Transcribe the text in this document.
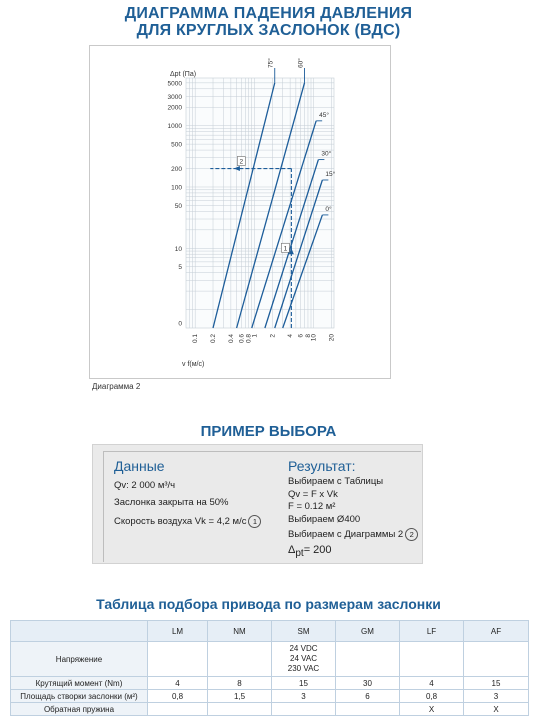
ДИАГРАММА ПАДЕНИЯ ДАВЛЕНИЯ
ДЛЯ КРУГЛЫХ ЗАСЛОНОК (ВДС)
5000
3000
2000
1000
500
200
100
50
10
5
0
0.1 0.2 0.4 0.6 0.8
1 2 4 6 8
10 20
Δpt (Па)
v f(м/с)
75°	60°
45°
30°
15°
0°
1
2
Диаграмма 2
ПРИМЕР ВЫБОРА
Данные
Qv: 2 000 м³/ч
Заслонка закрыта на 50%
Скорость воздуха Vk = 4,2 м/с 1
Результат:
Выбираем с Таблицы
Qv = F x Vk
F = 0.12 м²
Выбираем Ø400
Выбираем с Диаграммы 2 2
$\Delta_{pt}= 200$
Таблица подбора привода по размерам заслонки
	LM	NM	SM	GM	LF	AF
Напряжение			24 VDC
24 VAC
230 VAC			
Крутящий момент (Nm)	4	8	15	30	4	15
Площадь створки заслонки (м²)	0,8	1,5	3	6	0,8	3
Обратная пружина					X	X
